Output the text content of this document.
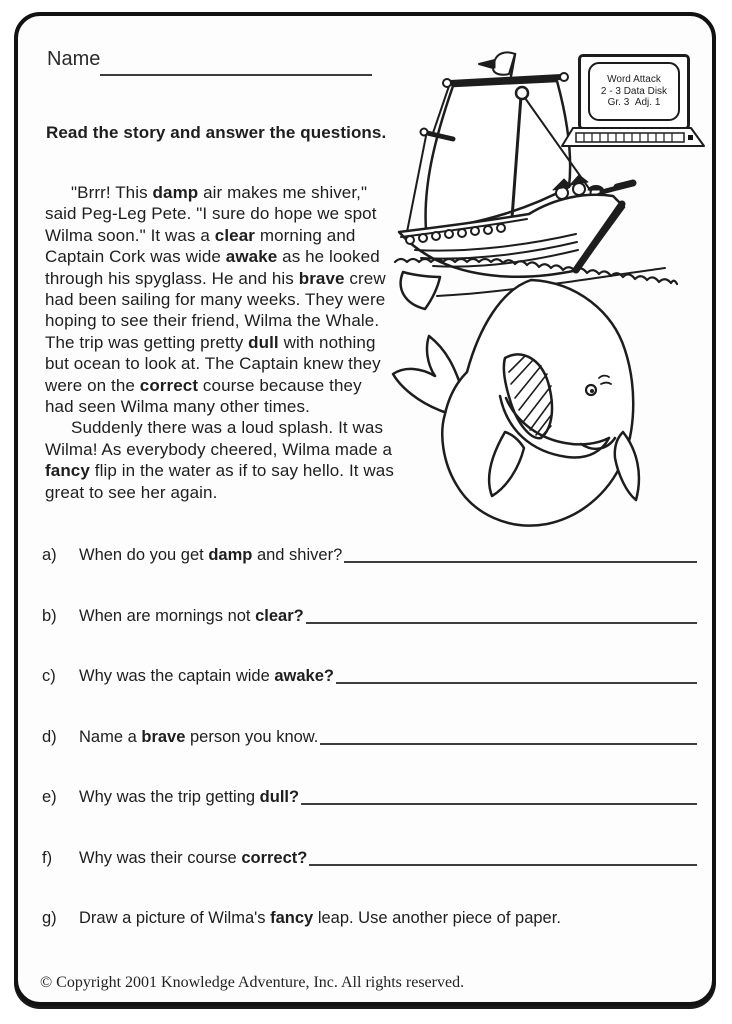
Name
Read the story and answer the questions.
"Brrr! This damp air makes me shiver,"
said Peg-Leg Pete. "I sure do hope we spot
Wilma soon." It was a clear morning and
Captain Cork was wide awake as he looked
through his spyglass. He and his brave crew
had been sailing for many weeks. They were
hoping to see their friend, Wilma the Whale.
The trip was getting pretty dull with nothing
but ocean to look at. The Captain knew they
were on the correct course because they
had seen Wilma many other times.
Suddenly there was a loud splash. It was
Wilma! As everybody cheered, Wilma made a
fancy flip in the water as if to say hello. It was
great to see her again.
Word Attack
2 - 3 Data Disk
Gr. 3  Adj. 1
a)	When do you get damp and shiver?
b)	When are mornings not clear?
c)	Why was the captain wide awake?
d)	Name a brave person you know.
e)	Why was the trip getting dull?
f)	Why was their course correct?
g)	Draw a picture of Wilma's fancy leap. Use another piece of paper.
© Copyright 2001 Knowledge Adventure, Inc. All rights reserved.
